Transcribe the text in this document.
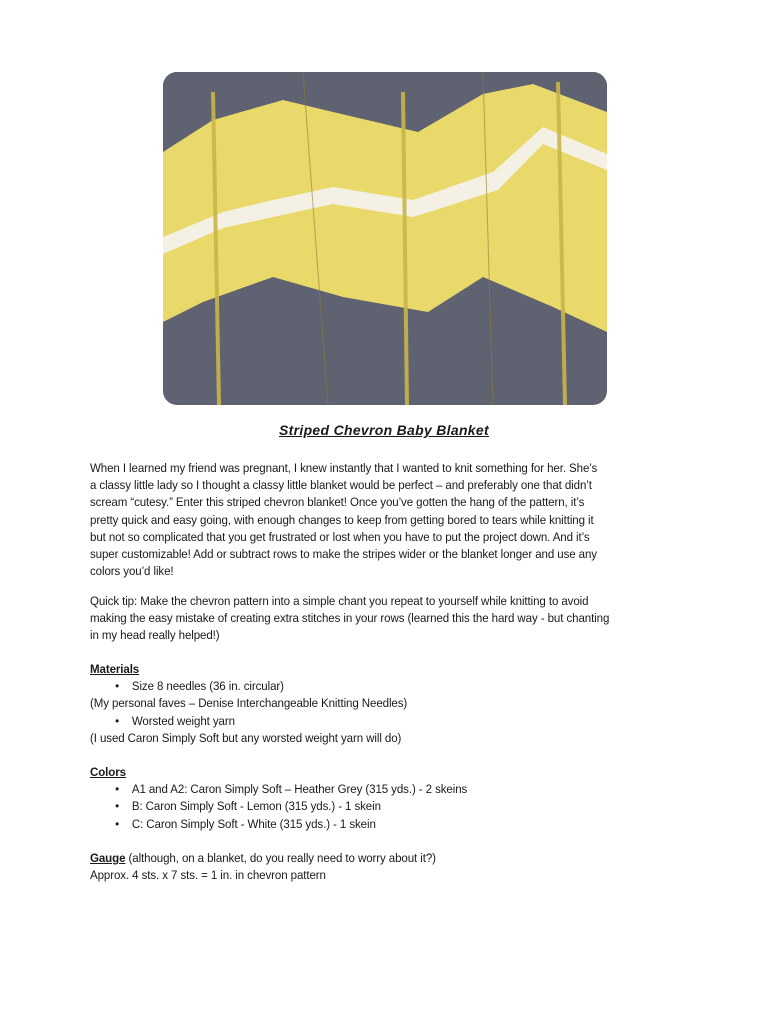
Striped Chevron Baby Blanket
When I learned my friend was pregnant, I knew instantly that I wanted to knit something for her. She’s
a classy little lady so I thought a classy little blanket would be perfect – and preferably one that didn’t
scream “cutesy.” Enter this striped chevron blanket! Once you’ve gotten the hang of the pattern, it’s
pretty quick and easy going, with enough changes to keep from getting bored to tears while knitting it
but not so complicated that you get frustrated or lost when you have to put the project down. And it’s
super customizable! Add or subtract rows to make the stripes wider or the blanket longer and use any
colors you’d like!
Quick tip: Make the chevron pattern into a simple chant you repeat to yourself while knitting to avoid
making the easy mistake of creating extra stitches in your rows (learned this the hard way - but chanting
in my head really helped!)
Materials
• Size 8 needles (36 in. circular)
(My personal faves – Denise Interchangeable Knitting Needles)
• Worsted weight yarn
(I used Caron Simply Soft but any worsted weight yarn will do)
Colors
• A1 and A2: Caron Simply Soft – Heather Grey (315 yds.) - 2 skeins
• B: Caron Simply Soft - Lemon (315 yds.) - 1 skein
• C: Caron Simply Soft - White (315 yds.) - 1 skein
Gauge (although, on a blanket, do you really need to worry about it?)
Approx. 4 sts. x 7 sts. = 1 in. in chevron pattern
